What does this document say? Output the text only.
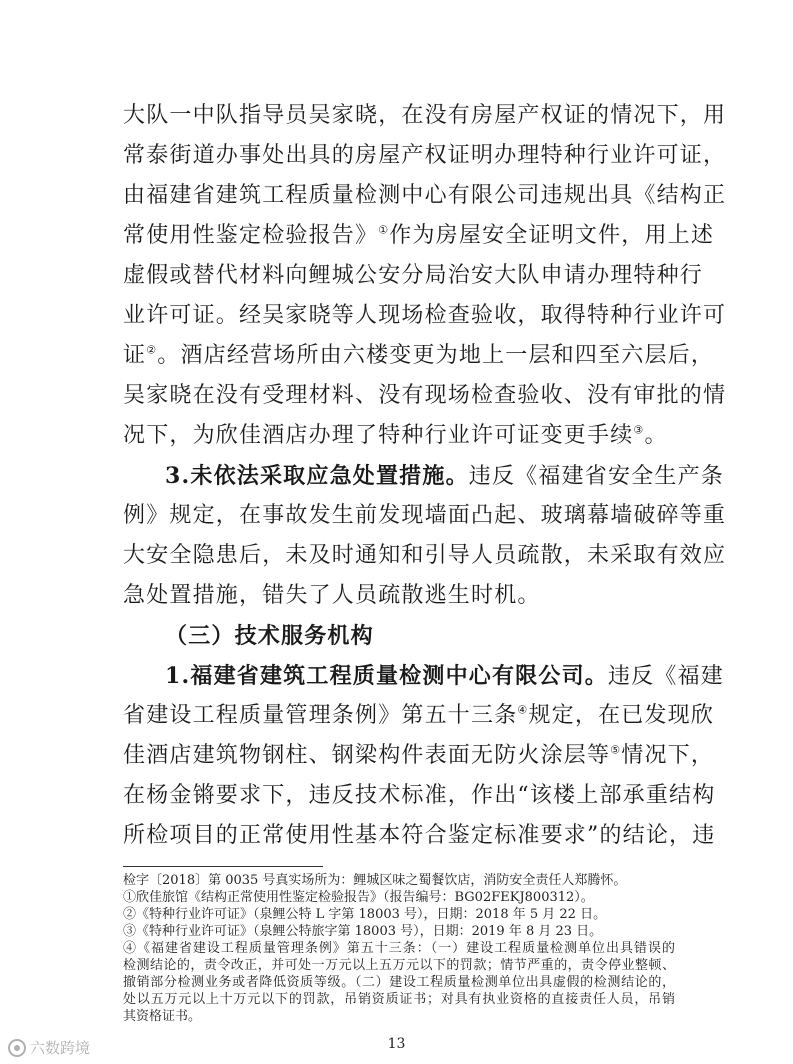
大队一中队指导员吴家晓，在没有房屋产权证的情况下，用
常泰街道办事处出具的房屋产权证明办理特种行业许可证，
由福建省建筑工程质量检测中心有限公司违规出具《结构正
常使用性鉴定检验报告》①作为房屋安全证明文件，用上述
虚假或替代材料向鲤城公安分局治安大队申请办理特种行
业许可证。经吴家晓等人现场检查验收，取得特种行业许可
证②。酒店经营场所由六楼变更为地上一层和四至六层后，
吴家晓在没有受理材料、没有现场检查验收、没有审批的情
况下，为欣佳酒店办理了特种行业许可证变更手续③。
3.未依法采取应急处置措施。违反《福建省安全生产条
例》规定，在事故发生前发现墙面凸起、玻璃幕墙破碎等重
大安全隐患后，未及时通知和引导人员疏散，未采取有效应
急处置措施，错失了人员疏散逃生时机。
（三）技术服务机构
1.福建省建筑工程质量检测中心有限公司。违反《福建
省建设工程质量管理条例》第五十三条④规定，在已发现欣
佳酒店建筑物钢柱、钢梁构件表面无防火涂层等⑤情况下，
在杨金锵要求下，违反技术标准，作出“该楼上部承重结构
所检项目的正常使用性基本符合鉴定标准要求”的结论，违
检字〔2018〕第 0035 号真实场所为：鲤城区味之蜀餐饮店，消防安全责任人郑腾怀。
①欣佳旅馆《结构正常使用性鉴定检验报告》（报告编号：BG02FEKJ800312）。
②《特种行业许可证》（泉鲤公特 L 字第 18003 号），日期：2018 年 5 月 22 日。
③《特种行业许可证》（泉鲤公特旅字第 18003 号），日期：2019 年 8 月 23 日。
④《福建省建设工程质量管理条例》第五十三条：（一）建设工程质量检测单位出具错误的
检测结论的，责令改正，并可处一万元以上五万元以下的罚款；情节严重的，责令停业整顿、
撤销部分检测业务或者降低资质等级。（二）建设工程质量检测单位出具虚假的检测结论的，
处以五万元以上十万元以下的罚款，吊销资质证书；对具有执业资格的直接责任人员，吊销
其资格证书。
13
六数跨境
